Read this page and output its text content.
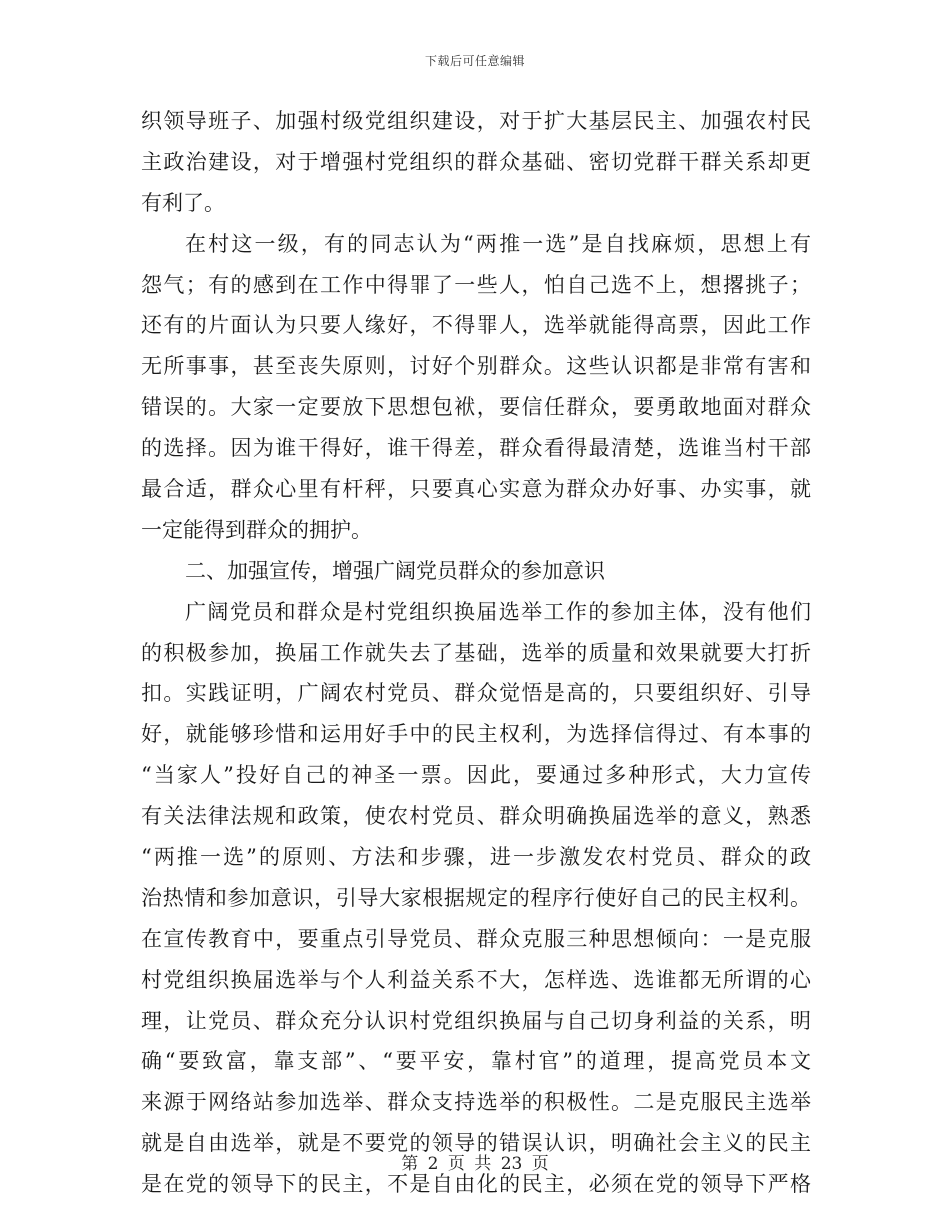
下载后可任意编辑
织领导班子、加强村级党组织建设，对于扩大基层民主、加强农村民
主政治建设，对于增强村党组织的群众基础、密切党群干群关系却更
有利了。
在村这一级，有的同志认为“两推一选”是自找麻烦，思想上有
怨气；有的感到在工作中得罪了一些人，怕自己选不上，想撂挑子；
还有的片面认为只要人缘好，不得罪人，选举就能得高票，因此工作
无所事事，甚至丧失原则，讨好个别群众。这些认识都是非常有害和
错误的。大家一定要放下思想包袱，要信任群众，要勇敢地面对群众
的选择。因为谁干得好，谁干得差，群众看得最清楚，选谁当村干部
最合适，群众心里有杆秤，只要真心实意为群众办好事、办实事，就
一定能得到群众的拥护。
二、加强宣传，增强广阔党员群众的参加意识
广阔党员和群众是村党组织换届选举工作的参加主体，没有他们
的积极参加，换届工作就失去了基础，选举的质量和效果就要大打折
扣。实践证明，广阔农村党员、群众觉悟是高的，只要组织好、引导
好，就能够珍惜和运用好手中的民主权利，为选择信得过、有本事的
“当家人”投好自己的神圣一票。因此，要通过多种形式，大力宣传
有关法律法规和政策，使农村党员、群众明确换届选举的意义，熟悉
“两推一选”的原则、方法和步骤，进一步激发农村党员、群众的政
治热情和参加意识，引导大家根据规定的程序行使好自己的民主权利。
在宣传教育中，要重点引导党员、群众克服三种思想倾向：一是克服
村党组织换届选举与个人利益关系不大，怎样选、选谁都无所谓的心
理，让党员、群众充分认识村党组织换届与自己切身利益的关系，明
确“要致富，靠支部”、“要平安，靠村官”的道理，提高党员本文
来源于网络站参加选举、群众支持选举的积极性。二是克服民主选举
就是自由选举，就是不要党的领导的错误认识，明确社会主义的民主
是在党的领导下的民主，不是自由化的民主，必须在党的领导下严格
第 2 页 共 23 页
